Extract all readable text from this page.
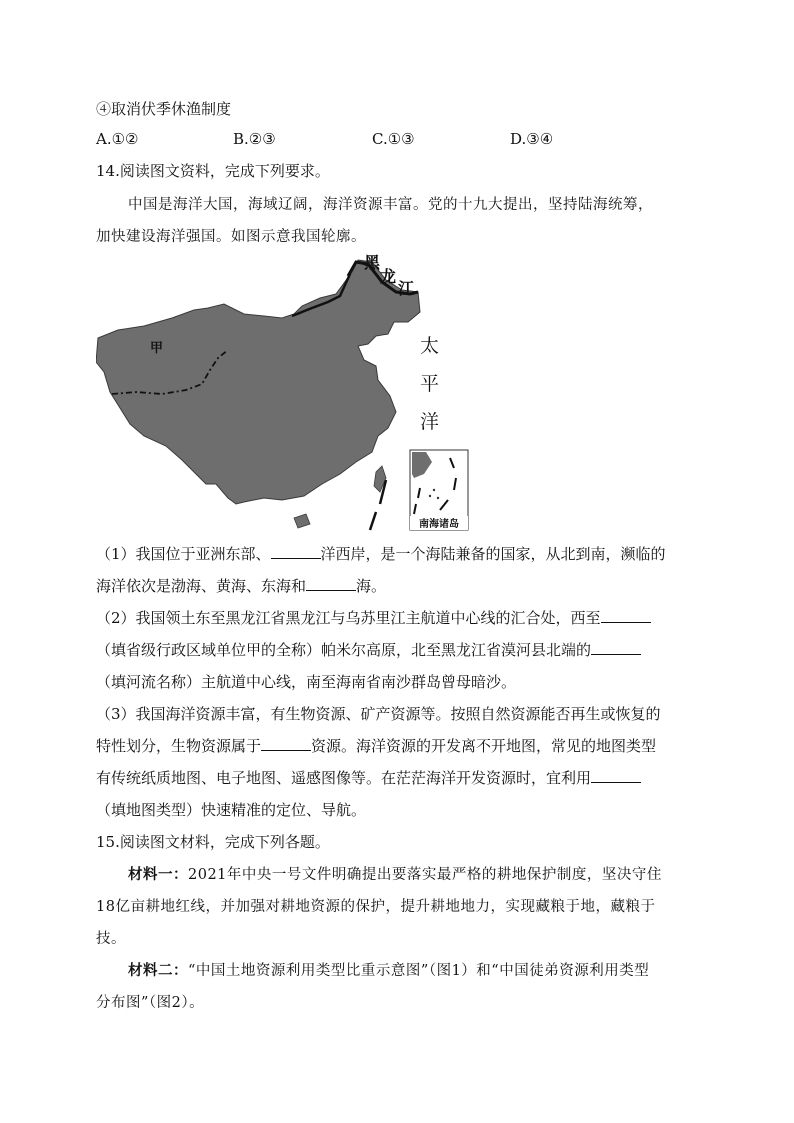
④取消伏季休渔制度
A.①②	B.②③	C.①③	D.③④
14.阅读图文资料，完成下列要求。
中国是海洋大国，海域辽阔，海洋资源丰富。党的十九大提出，坚持陆海统筹，
加快建设海洋强国。如图示意我国轮廓。
南海诸岛
甲
黑
龙
江
太
平
洋
（1）我国位于亚洲东部、	洋西岸，是一个海陆兼备的国家，从北到南，濒临的
海洋依次是渤海、黄海、东海和	海。
（2）我国领土东至黑龙江省黑龙江与乌苏里江主航道中心线的汇合处，西至
（填省级行政区域单位甲的全称）帕米尔高原，北至黑龙江省漠河县北端的
（填河流名称）主航道中心线，南至海南省南沙群岛曾母暗沙。
（3）我国海洋资源丰富，有生物资源、矿产资源等。按照自然资源能否再生或恢复的
特性划分，生物资源属于	资源。海洋资源的开发离不开地图，常见的地图类型
有传统纸质地图、电子地图、遥感图像等。在茫茫海洋开发资源时，宜利用
（填地图类型）快速精准的定位、导航。
15.阅读图文材料，完成下列各题。
材料一：2021年中央一号文件明确提出要落实最严格的耕地保护制度，坚决守住
18亿亩耕地红线，并加强对耕地资源的保护，提升耕地地力，实现藏粮于地，藏粮于
技。
材料二：“中国土地资源利用类型比重示意图”（图1）和“中国徒弟资源利用类型
分布图”（图2）。
